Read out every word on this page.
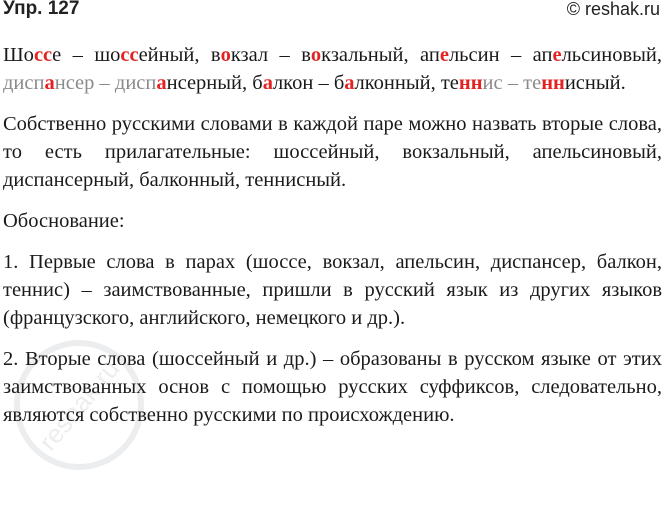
Упр. 127	© reshak.ru
reshak.ru

Шоссе – шоссейный, вокзал – вокзальный, апельсин – апельсиновый, диспансер – диспансерный, балкон – балконный, теннис – теннисный.

Собственно русскими словами в каждой паре можно назвать вторые слова, то есть прилагательные: шоссейный, вокзальный, апельсиновый, диспансерный, балконный, теннисный.

Обоснование:

1. Первые слова в парах (шоссе, вокзал, апельсин, диспансер, балкон, теннис) – заимствованные, пришли в русский язык из других языков (французского, английского, немецкого и др.).

2. Вторые слова (шоссейный и др.) – образованы в русском языке от этих заимствованных основ с помощью русских суффиксов, следовательно, являются собственно русскими по происхождению.
